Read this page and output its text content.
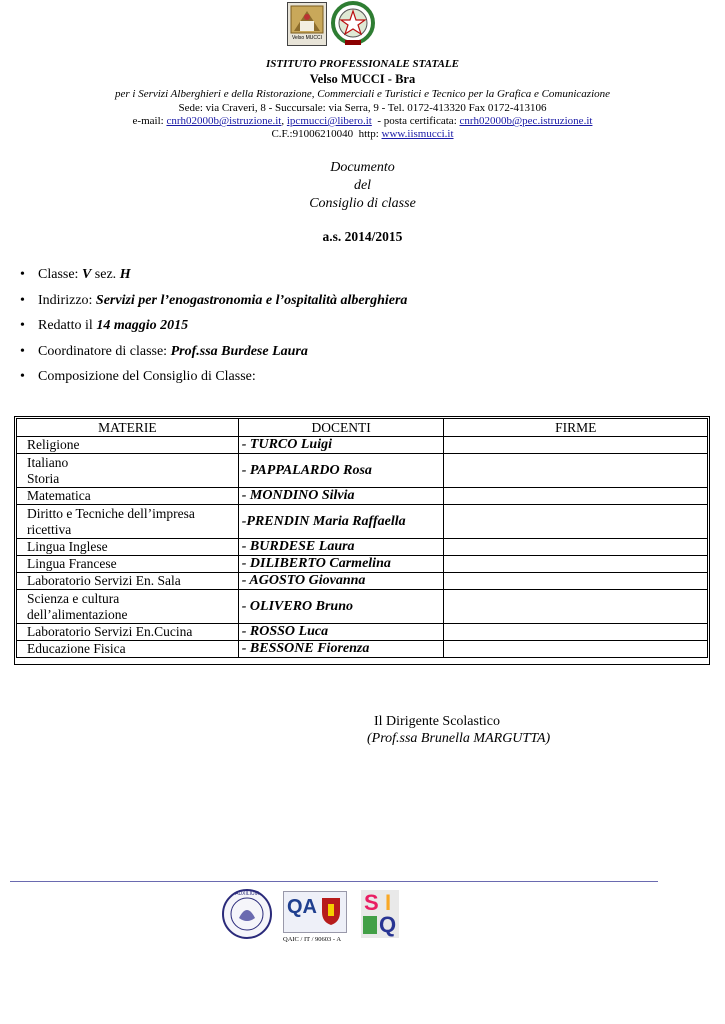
Velso MUCCI
ISTITUTO PROFESSIONALE STATALE
Velso MUCCI - Bra
per i Servizi Alberghieri e della Ristorazione, Commerciali e Turistici e Tecnico per la Grafica e Comunicazione
Sede: via Craveri, 8 - Succursale: via Serra, 9 - Tel. 0172-413320 Fax 0172-413106
e-mail: cnrh02000b@istruzione.it, ipcmucci@libero.it  - posta certificata: cnrh02000b@pec.istruzione.it
C.F.:91006210040  http: www.iismucci.it
Documento
del
Consiglio di classe
a.s. 2014/2015
• Classe: V sez. H
• Indirizzo: Servizi per l’enogastronomia e l’ospitalità alberghiera
• Redatto il 14 maggio 2015
• Coordinatore di classe: Prof.ssa Burdese Laura
• Composizione del Consiglio di Classe:
MATERIE	DOCENTI	FIRME
Religione	- TURCO Luigi	

Italiano
Storia	- PAPPALARDO Rosa	
Matematica	- MONDINO Silvia	

Diritto e Tecniche dell’impresa
ricettiva	-PRENDIN Maria Raffaella	
Lingua Inglese	- BURDESE Laura	
Lingua Francese	- DILIBERTO Carmelina	
Laboratorio Servizi En. Sala	- AGOSTO Giovanna	

Scienza e cultura
dell’alimentazione	- OLIVERO Bruno	
Laboratorio Servizi En.Cucina	- ROSSO Luca	
Educazione Fisica	- BESSONE Fiorenza	
Il Dirigente Scolastico
(Prof.ssa Brunella MARGUTTA)
AUXILIUM
QA
QAIC / IT / 90603 - A
S I
Q
